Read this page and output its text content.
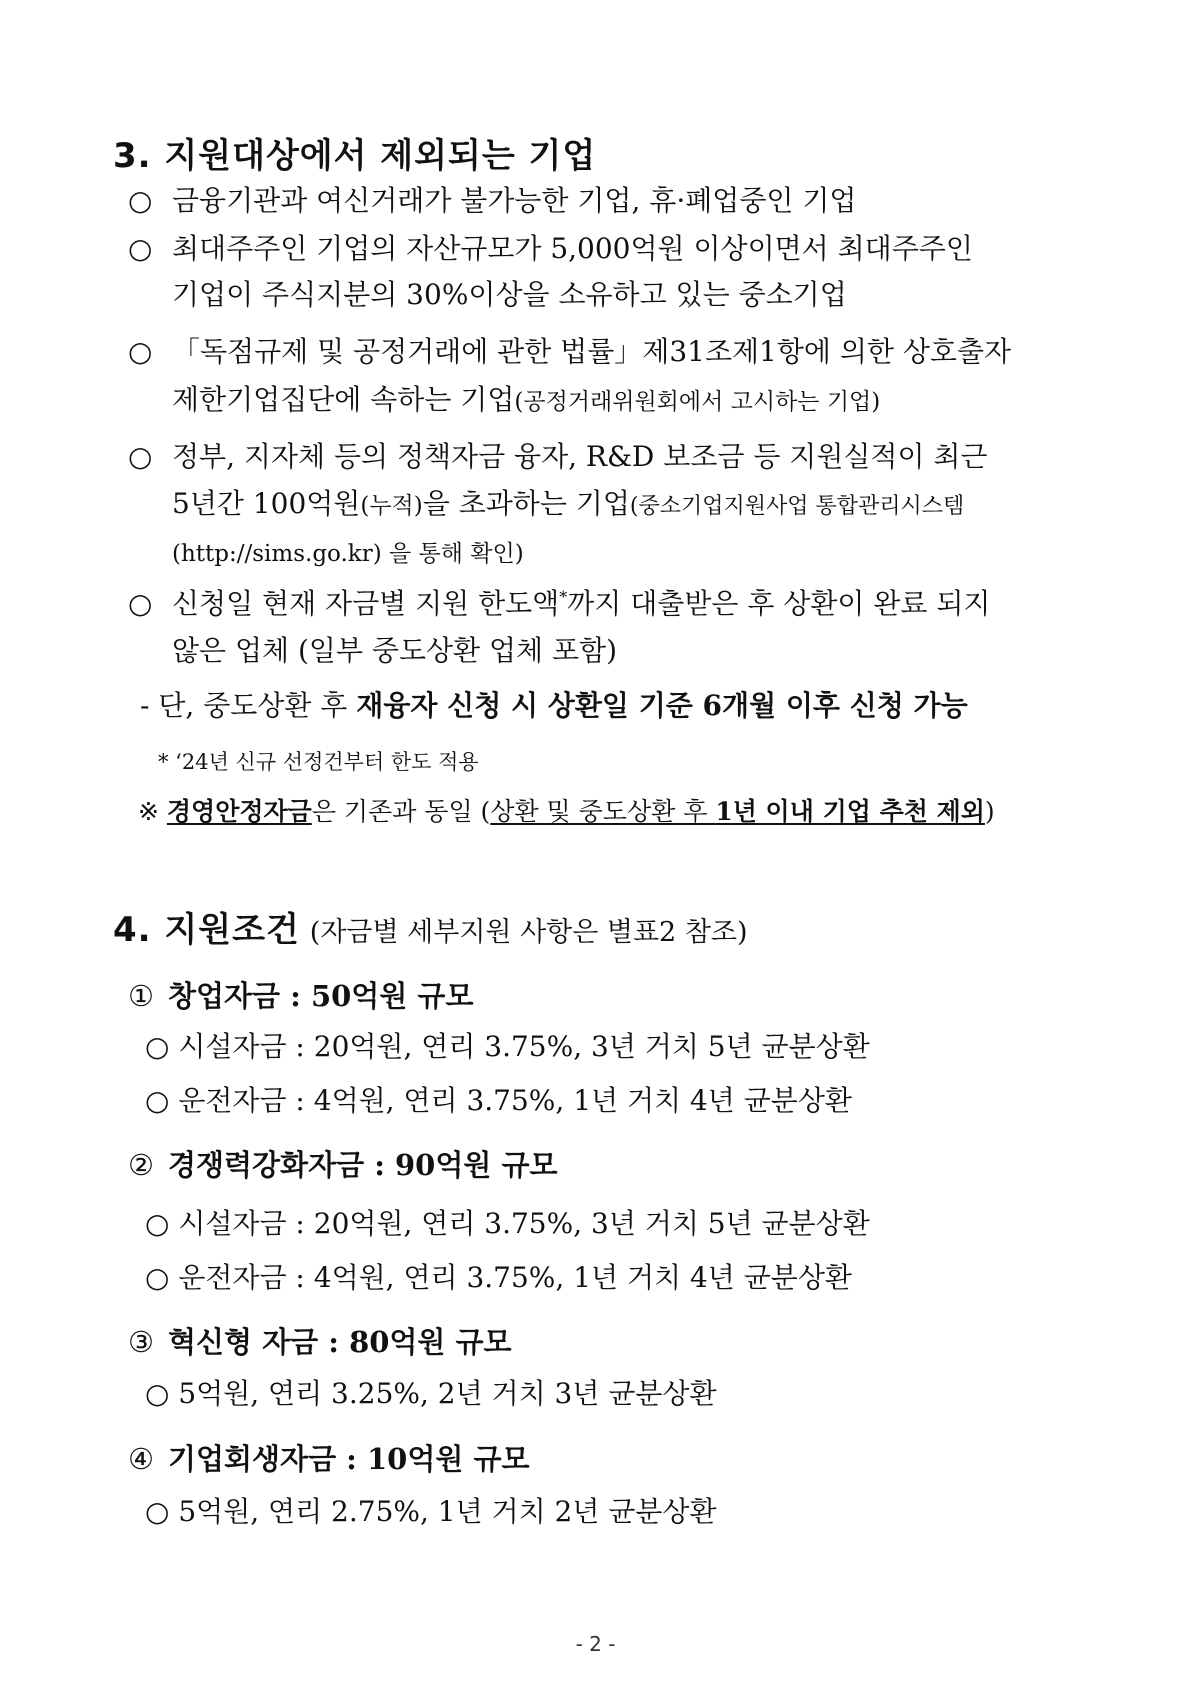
3. 지원대상에서 제외되는 기업
○ 금융기관과 여신거래가 불가능한 기업, 휴·폐업중인 기업
○ 최대주주인 기업의 자산규모가 5,000억원 이상이면서 최대주주인
기업이 주식지분의 30%이상을 소유하고 있는 중소기업
○ 「독점규제 및 공정거래에 관한 법률」제31조제1항에 의한 상호출자
제한기업집단에 속하는 기업(공정거래위원회에서 고시하는 기업)
○ 정부, 지자체 등의 정책자금 융자, R&D 보조금 등 지원실적이 최근
5년간 100억원(누적)을 초과하는 기업(중소기업지원사업 통합관리시스템
(http://sims.go.kr) 을 통해 확인)
○ 신청일 현재 자금별 지원 한도액*까지 대출받은 후 상환이 완료 되지
않은 업체 (일부 중도상환 업체 포함)
- 단, 중도상환 후 재융자 신청 시 상환일 기준 6개월 이후 신청 가능
* ‘24년 신규 선정건부터 한도 적용
※ 경영안정자금은 기존과 동일 (상환 및 중도상환 후 1년 이내 기업 추천 제외)
4. 지원조건 (자금별 세부지원 사항은 별표2 참조)
① 창업자금 : 50억원 규모
○ 시설자금 : 20억원, 연리 3.75%, 3년 거치 5년 균분상환
○ 운전자금 : 4억원, 연리 3.75%, 1년 거치 4년 균분상환
② 경쟁력강화자금 : 90억원 규모
○ 시설자금 : 20억원, 연리 3.75%, 3년 거치 5년 균분상환
○ 운전자금 : 4억원, 연리 3.75%, 1년 거치 4년 균분상환
③ 혁신형 자금 : 80억원 규모
○ 5억원, 연리 3.25%, 2년 거치 3년 균분상환
④ 기업회생자금 : 10억원 규모
○ 5억원, 연리 2.75%, 1년 거치 2년 균분상환
- 2 -
